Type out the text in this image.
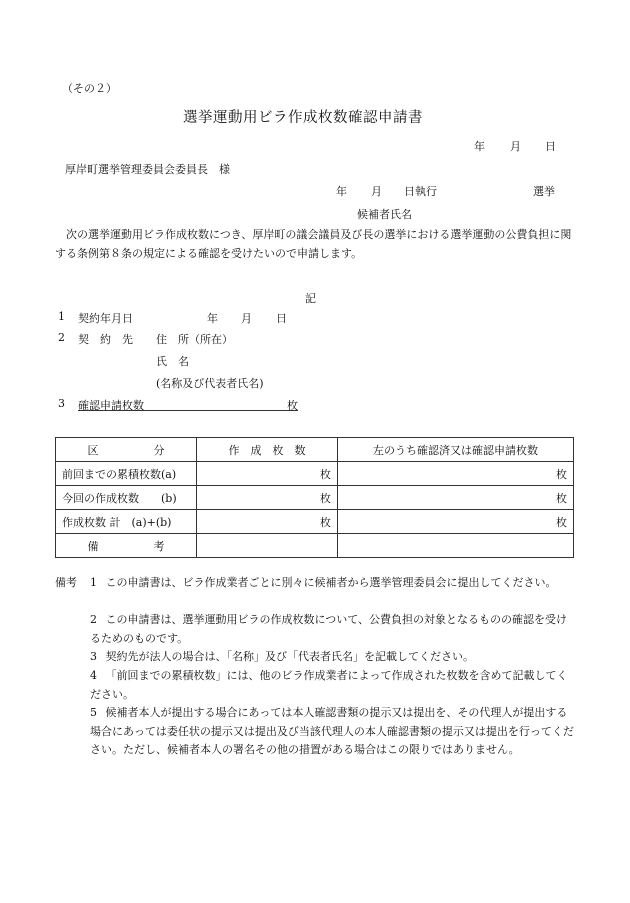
（その２）
選挙運動用ビラ作成枚数確認申請書
年 月 日
厚岸町選挙管理委員会委員長　様
年 月 日執行	選挙
候補者氏名
次の選挙運動用ビラ作成枚数につき、厚岸町の議会議員及び長の選挙における選挙運動の公費負担に関する条例第８条の規定による確認を受けたいので申請します。
記
1 契約年月日	年 月 日
2 契　約　先 住　所（所在）
氏　名
(名称及び代表者氏名)
3 確認申請枚数	枚
区　　　　　分	作　成　枚　数	左のうち確認済又は確認申請枚数
前回までの累積枚数(a)	枚	枚
今回の作成枚数　　(b)	枚	枚
作成枚数 計　(a)+(b)	枚	枚
備　　　　　考		
備考 1 この申請書は、ビラ作成業者ごとに別々に候補者から選挙管理委員会に提出してください。
2 この申請書は、選挙運動用ビラの作成枚数について、公費負担の対象となるものの確認を受けるためのものです。
3 契約先が法人の場合は、「名称」及び「代表者氏名」を記載してください。
4 「前回までの累積枚数」には、他のビラ作成業者によって作成された枚数を含めて記載してください。
5 候補者本人が提出する場合にあっては本人確認書類の提示又は提出を、その代理人が提出する場合にあっては委任状の提示又は提出及び当該代理人の本人確認書類の提示又は提出を行ってください。ただし、候補者本人の署名その他の措置がある場合はこの限りではありません。
